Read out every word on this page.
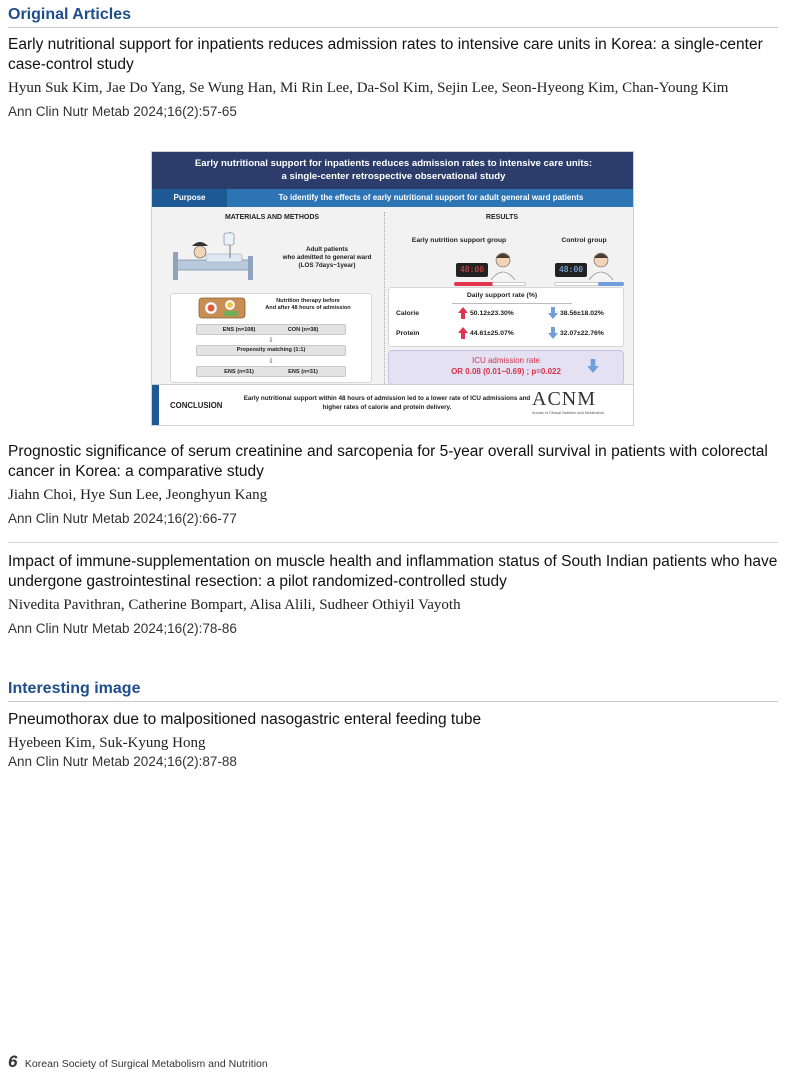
Original Articles
Early nutritional support for inpatients reduces admission rates to intensive care units in Korea: a single-center case-control study
Hyun Suk Kim, Jae Do Yang, Se Wung Han, Mi Rin Lee, Da-Sol Kim, Sejin Lee, Seon-Hyeong Kim, Chan-Young Kim
Ann Clin Nutr Metab 2024;16(2):57-65
Early nutritional support for inpatients reduces admission rates to intensive care units:
a single-center retrospective observational study
Purpose	To identify the effects of early nutritional support for adult general ward patients
MATERIALS AND METHODS	RESULTS
Adult patients
who admitted to general ward
(LOS 7days~1year)
Nutrition therapy before
And after 48 hours of admission
ENS (n=108)	CON (n=38)
⇓
Propensity matching (1:1)
⇓
ENS (n=31)	ENS (n=31)
Early nutrition support group	Control group
48:00	48:00
Daily support rate (%)
Calorie	50.12±23.30%	38.56±18.02%
Protein	44.61±25.07%	32.07±22.76%
ICU admission rate
OR 0.08 (0.01~0.69) ; p=0.022
CONCLUSION
Early nutritional support within 48 hours of admission led to a lower rate of ICU admissions and higher rates of calorie and protein delivery.	ACNM
Annals of Clinical Nutrition and Metabolism
Prognostic significance of serum creatinine and sarcopenia for 5-year overall survival in patients with colorectal cancer in Korea: a comparative study
Jiahn Choi, Hye Sun Lee, Jeonghyun Kang
Ann Clin Nutr Metab 2024;16(2):66-77
Impact of immune-supplementation on muscle health and inflammation status of South Indian patients who have undergone gastrointestinal resection: a pilot randomized-controlled study
Nivedita Pavithran, Catherine Bompart, Alisa Alili, Sudheer Othiyil Vayoth
Ann Clin Nutr Metab 2024;16(2):78-86
Interesting image
Pneumothorax due to malpositioned nasogastric enteral feeding tube
Hyebeen Kim, Suk-Kyung Hong
Ann Clin Nutr Metab 2024;16(2):87-88
6 Korean Society of Surgical Metabolism and Nutrition
